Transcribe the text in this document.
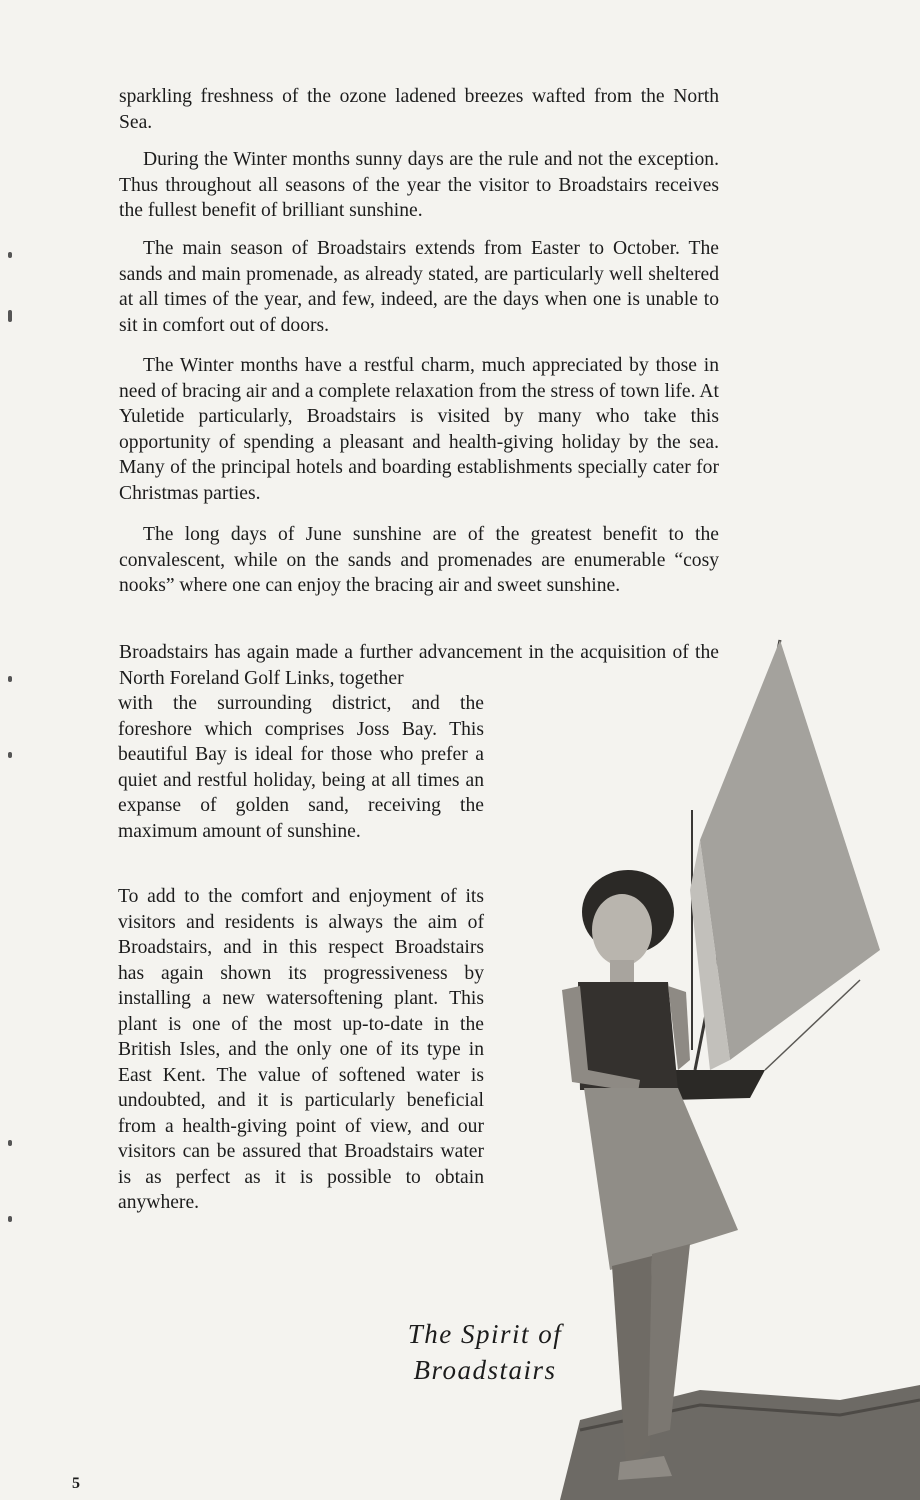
sparkling freshness of the ozone ladened breezes wafted from the North Sea.

During the Winter months sunny days are the rule and not the exception. Thus throughout all seasons of the year the visitor to Broadstairs receives the fullest benefit of brilliant sunshine.

The main season of Broadstairs extends from Easter to October. The sands and main promenade, as already stated, are particularly well sheltered at all times of the year, and few, indeed, are the days when one is unable to sit in comfort out of doors.

The Winter months have a restful charm, much appreciated by those in need of bracing air and a complete relaxation from the stress of town life. At Yuletide particularly, Broadstairs is visited by many who take this opportunity of spending a pleasant and health-giving holiday by the sea. Many of the principal hotels and boarding establishments specially cater for Christmas parties.

The long days of June sunshine are of the greatest benefit to the convalescent, while on the sands and promenades are enumerable “cosy nooks” where one can enjoy the bracing air and sweet sunshine.

Broadstairs has again made a further advancement in the acquisition of the North Foreland Golf Links, together

with the surrounding district, and the foreshore which comprises Joss Bay. This beautiful Bay is ideal for those who prefer a quiet and restful holiday, being at all times an expanse of golden sand, receiving the maximum amount of sunshine.

To add to the comfort and enjoyment of its visitors and residents is always the aim of Broadstairs, and in this respect Broadstairs has again shown its progressiveness by installing a new watersoftening plant. This plant is one of the most up-to-date in the British Isles, and the only one of its type in East Kent. The value of softened water is undoubted, and it is particularly beneficial from a health-giving point of view, and our visitors can be assured that Broadstairs water is as perfect as it is possible to obtain anywhere.

The Spirit of
Broadstairs
5
